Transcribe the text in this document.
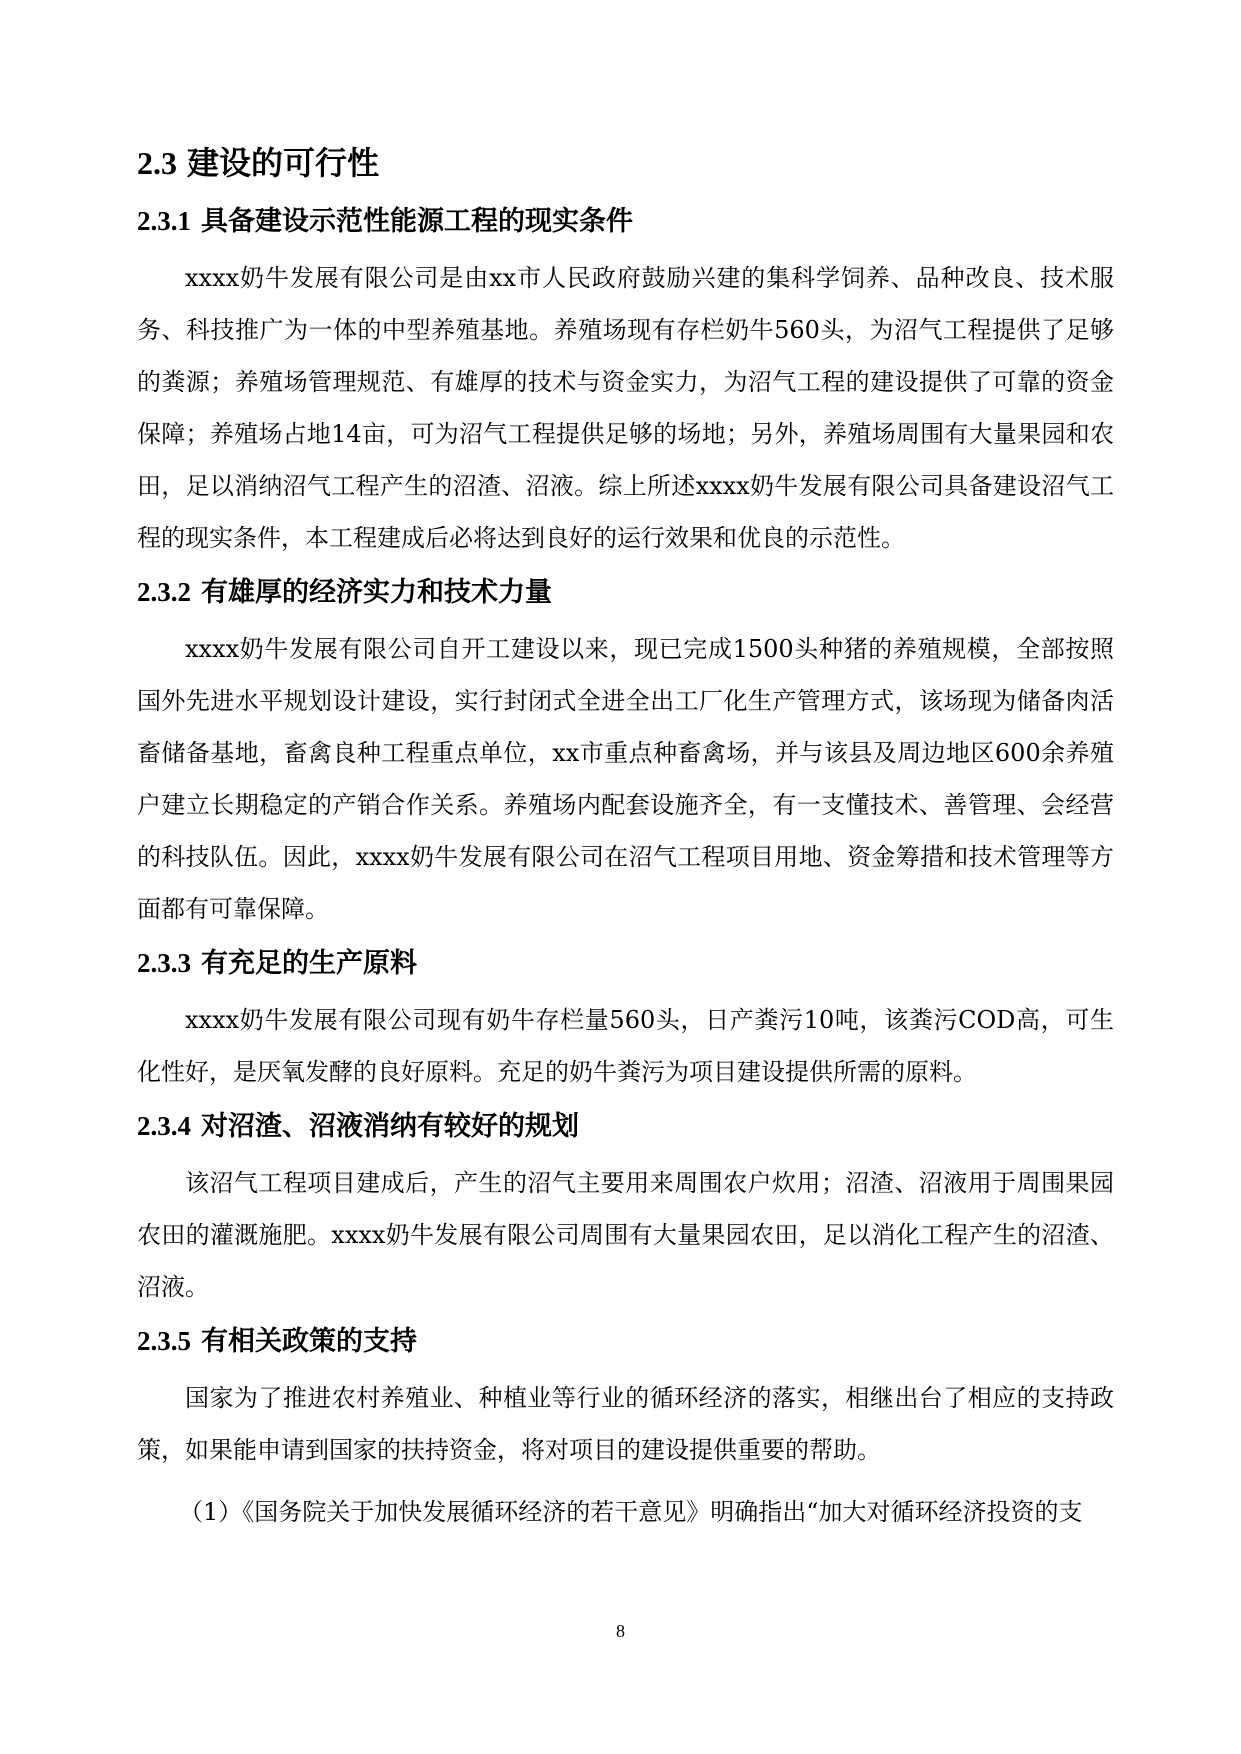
2.3 建设的可行性
2.3.1 具备建设示范性能源工程的现实条件

xxxx奶牛发展有限公司是由xx市人民政府鼓励兴建的集科学饲养、品种改良、技术服务、科技推广为一体的中型养殖基地。养殖场现有存栏奶牛560头，为沼气工程提供了足够的粪源；养殖场管理规范、有雄厚的技术与资金实力，为沼气工程的建设提供了可靠的资金保障；养殖场占地14亩，可为沼气工程提供足够的场地；另外，养殖场周围有大量果园和农田，足以消纳沼气工程产生的沼渣、沼液。综上所述xxxx奶牛发展有限公司具备建设沼气工程的现实条件，本工程建成后必将达到良好的运行效果和优良的示范性。

2.3.2 有雄厚的经济实力和技术力量

xxxx奶牛发展有限公司自开工建设以来，现已完成1500头种猪的养殖规模，全部按照国外先进水平规划设计建设，实行封闭式全进全出工厂化生产管理方式，该场现为储备肉活畜储备基地，畜禽良种工程重点单位，xx市重点种畜禽场，并与该县及周边地区600余养殖户建立长期稳定的产销合作关系。养殖场内配套设施齐全，有一支懂技术、善管理、会经营的科技队伍。因此，xxxx奶牛发展有限公司在沼气工程项目用地、资金筹措和技术管理等方面都有可靠保障。

2.3.3 有充足的生产原料

xxxx奶牛发展有限公司现有奶牛存栏量560头，日产粪污10吨，该粪污COD高，可生化性好，是厌氧发酵的良好原料。充足的奶牛粪污为项目建设提供所需的原料。

2.3.4 对沼渣、沼液消纳有较好的规划

该沼气工程项目建成后，产生的沼气主要用来周围农户炊用；沼渣、沼液用于周围果园农田的灌溉施肥。xxxx奶牛发展有限公司周围有大量果园农田，足以消化工程产生的沼渣、沼液。

2.3.5 有相关政策的支持

国家为了推进农村养殖业、种植业等行业的循环经济的落实，相继出台了相应的支持政策，如果能申请到国家的扶持资金，将对项目的建设提供重要的帮助。

（1）《国务院关于加快发展循环经济的若干意见》明确指出“加大对循环经济投资的支

8
